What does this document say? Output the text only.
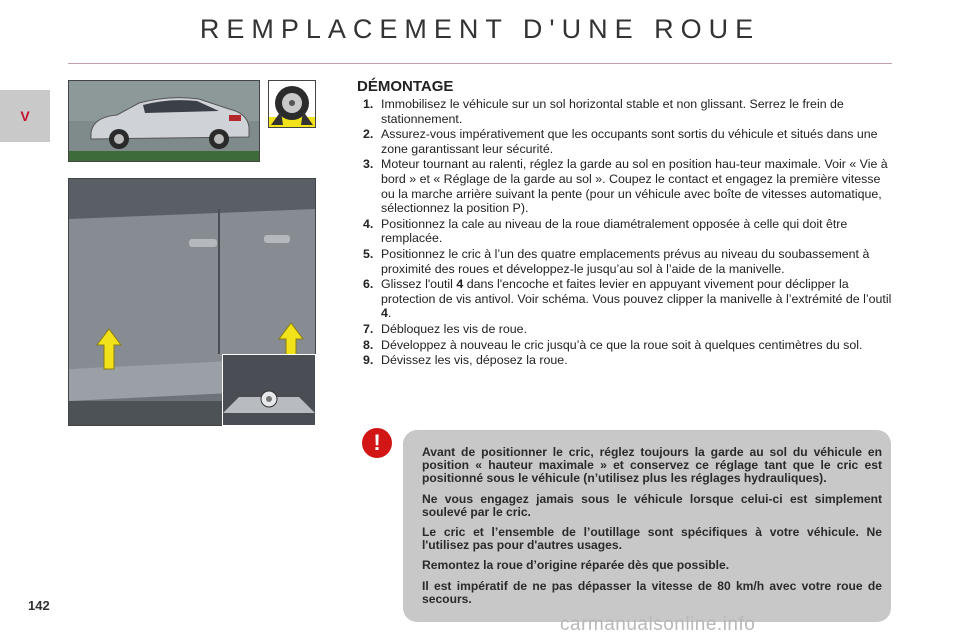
REMPLACEMENT D'UNE ROUE
V
DÉMONTAGE
1. Immobilisez le véhicule sur un sol horizontal stable et non glissant. Serrez le frein de stationnement.
2. Assurez-vous impérativement que les occupants sont sortis du véhicule et situés dans une zone garantissant leur sécurité.
3. Moteur tournant au ralenti, réglez la garde au sol en position hau-teur maximale. Voir « Vie à bord » et « Réglage de la garde au sol ». Coupez le contact et engagez la première vitesse ou la marche arrière suivant la pente (pour un véhicule avec boîte de vitesses automatique, sélectionnez la position P).
4. Positionnez la cale au niveau de la roue diamétralement opposée à celle qui doit être remplacée.
5. Positionnez le cric à l’un des quatre emplacements prévus au niveau du soubassement à proximité des roues et développez-le jusqu’au sol à l’aide de la manivelle.
6. Glissez l'outil 4 dans l'encoche et faites levier en appuyant vivement pour déclipper la protection de vis antivol. Voir schéma. Vous pouvez clipper la manivelle à l’extrémité de l’outil 4.
7. Débloquez les vis de roue.
8. Développez à nouveau le cric jusqu’à ce que la roue soit à quelques centimètres du sol.
9. Dévissez les vis, déposez la roue.
!	Avant de positionner le cric, réglez toujours la garde au sol du véhicule en position « hauteur maximale » et conservez ce réglage tant que le cric est positionné sous le véhicule (n’utilisez plus les réglages hydrauliques).

Ne vous engagez jamais sous le véhicule lorsque celui-ci est simplement soulevé par le cric.

Le cric et l’ensemble de l’outillage sont spécifiques à votre véhicule. Ne l'utilisez pas pour d'autres usages.

Remontez la roue d’origine réparée dès que possible.

Il est impératif de ne pas dépasser la vitesse de 80 km/h avec votre roue de secours.

142
carmanualsonline.info
